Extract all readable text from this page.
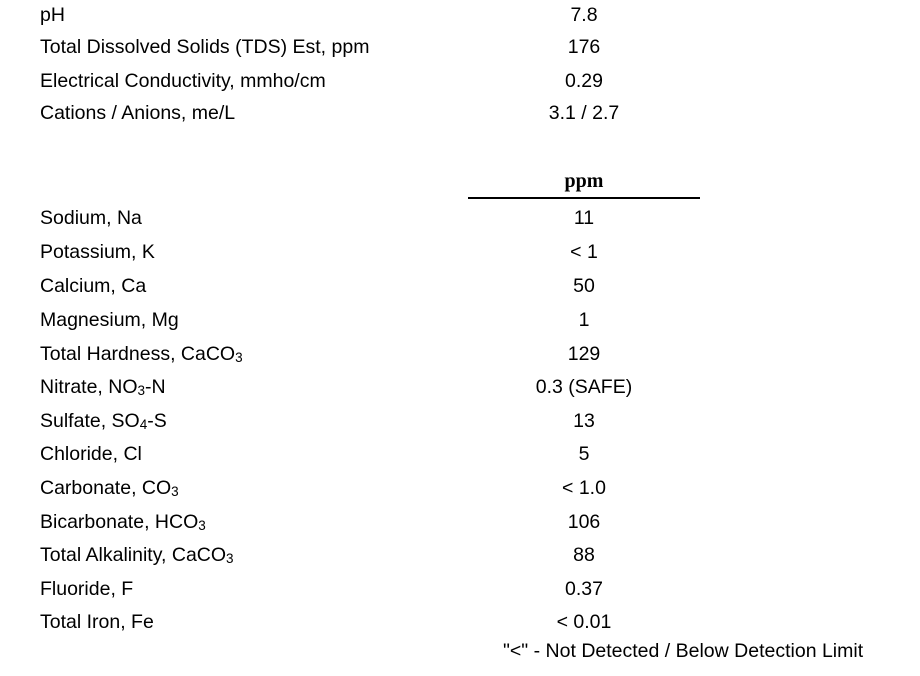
pH	7.8
Total Dissolved Solids (TDS) Est, ppm	176
Electrical Conductivity, mmho/cm	0.29
Cations / Anions, me/L	3.1 / 2.7
ppm
Sodium, Na	11
Potassium, K	< 1
Calcium, Ca	50
Magnesium, Mg	1
Total Hardness, CaCO3	129
Nitrate, NO3-N	0.3 (SAFE)
Sulfate, SO4-S	13
Chloride, Cl	5
Carbonate, CO3	< 1.0
Bicarbonate, HCO3	106
Total Alkalinity, CaCO3	88
Fluoride, F	0.37
Total Iron, Fe	< 0.01
"<" - Not Detected / Below Detection Limit
